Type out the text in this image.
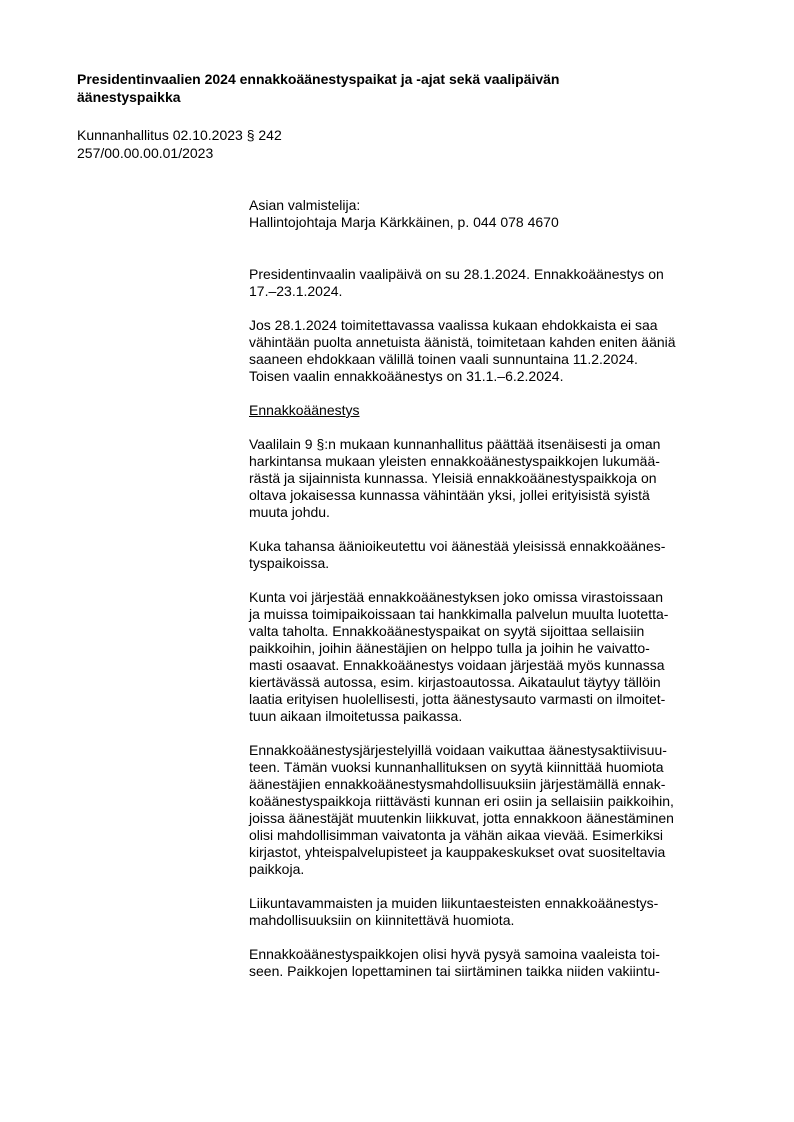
Presidentinvaalien 2024 ennakkoäänestyspaikat ja -ajat sekä vaalipäivän
äänestyspaikka
Kunnanhallitus 02.10.2023 § 242
257/00.00.00.01/2023
Asian valmistelija:
Hallintojohtaja Marja Kärkkäinen, p. 044 078 4670
Presidentinvaalin vaalipäivä on su 28.1.2024. Ennakkoäänestys on
17.–23.1.2024.
Jos 28.1.2024 toimitettavassa vaalissa kukaan ehdokkaista ei saa
vähintään puolta annetuista äänistä, toimitetaan kahden eniten ääniä
saaneen ehdokkaan välillä toinen vaali sunnuntaina 11.2.2024.
Toisen vaalin ennakkoäänestys on 31.1.–6.2.2024.
Ennakkoäänestys
Vaalilain 9 §:n mukaan kunnanhallitus päättää itsenäisesti ja oman
harkintansa mukaan yleisten ennakkoäänestyspaikkojen lukumää-
rästä ja sijainnista kunnassa. Yleisiä ennakkoäänestyspaikkoja on
oltava jokaisessa kunnassa vähintään yksi, jollei erityisistä syistä
muuta johdu.
Kuka tahansa äänioikeutettu voi äänestää yleisissä ennakkoäänes-
tyspaikoissa.
Kunta voi järjestää ennakkoäänestyksen joko omissa virastoissaan
ja muissa toimipaikoissaan tai hankkimalla palvelun muulta luotetta-
valta taholta. Ennakkoäänestyspaikat on syytä sijoittaa sellaisiin
paikkoihin, joihin äänestäjien on helppo tulla ja joihin he vaivatto-
masti osaavat. Ennakkoäänestys voidaan järjestää myös kunnassa
kiertävässä autossa, esim. kirjastoautossa. Aikataulut täytyy tällöin
laatia erityisen huolellisesti, jotta äänestysauto varmasti on ilmoitet-
tuun aikaan ilmoitetussa paikassa.
Ennakkoäänestysjärjestelyillä voidaan vaikuttaa äänestysaktiivisuu-
teen. Tämän vuoksi kunnanhallituksen on syytä kiinnittää huomiota
äänestäjien ennakkoäänestysmahdollisuuksiin järjestämällä ennak-
koäänestyspaikkoja riittävästi kunnan eri osiin ja sellaisiin paikkoihin,
joissa äänestäjät muutenkin liikkuvat, jotta ennakkoon äänestäminen
olisi mahdollisimman vaivatonta ja vähän aikaa vievää. Esimerkiksi
kirjastot, yhteispalvelupisteet ja kauppakeskukset ovat suositeltavia
paikkoja.
Liikuntavammaisten ja muiden liikuntaesteisten ennakkoäänestys-
mahdollisuuksiin on kiinnitettävä huomiota.
Ennakkoäänestyspaikkojen olisi hyvä pysyä samoina vaaleista toi-
seen. Paikkojen lopettaminen tai siirtäminen taikka niiden vakiintu-
